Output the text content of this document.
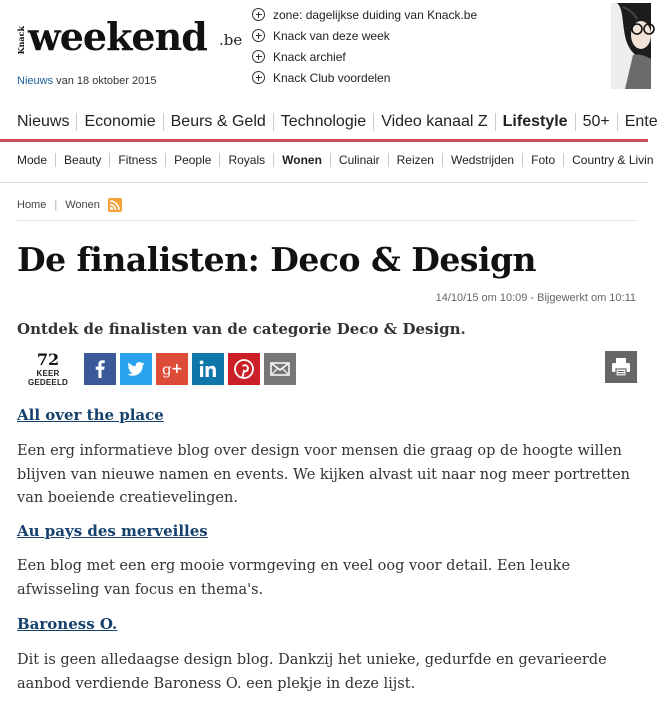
Knack weekend .be
Nieuws van 18 oktober 2015
zone: dagelijkse duiding van Knack.be
Knack van deze week
Knack archief
Knack Club voordelen
Nieuws Economie Beurs & Geld Technologie Video kanaal Z Lifestyle 50+ Ente
Mode	Beauty	Fitness	People	Royals	Wonen	Culinair	Reizen	Wedstrijden	Foto	Country & Livin
Home | Wonen
De finalisten: Deco & Design
14/10/15 om 10:09 - Bijgewerkt om 10:11
Ontdek de finalisten van de categorie Deco & Design.
72
KEER GEDEELD
g +
All over the place

Een erg informatieve blog over design voor mensen die graag op de hoogte willen blijven van nieuwe namen en events. We kijken alvast uit naar nog meer portretten van boeiende creatievelingen.

Au pays des merveilles

Een blog met een erg mooie vormgeving en veel oog voor detail. Een leuke afwisseling van focus en thema's.

Baroness O.

Dit is geen alledaagse design blog. Dankzij het unieke, gedurfde en gevarieerde aanbod verdiende Baroness O. een plekje in deze lijst.
